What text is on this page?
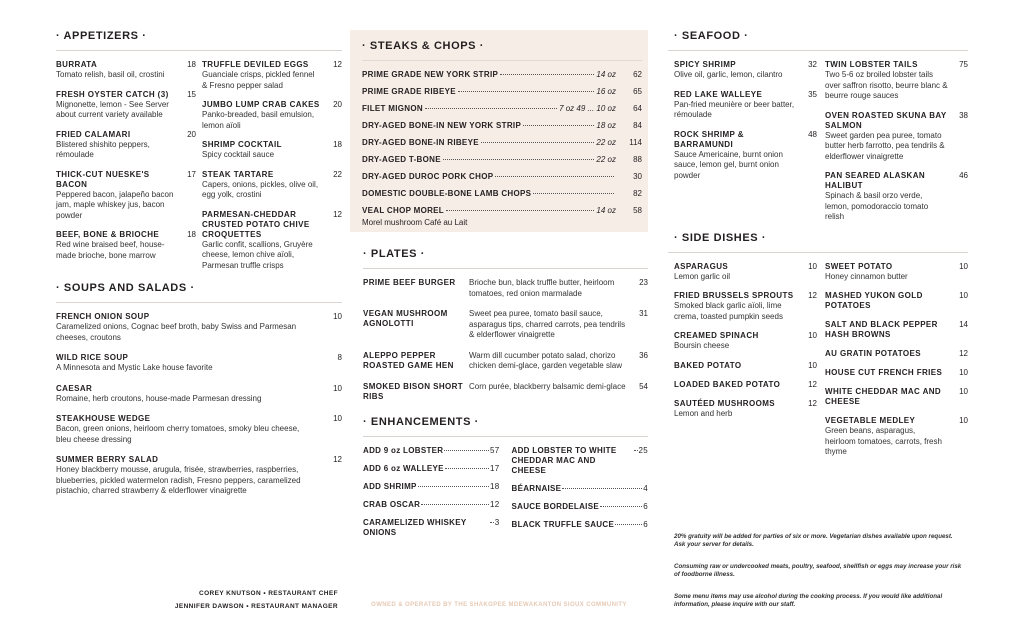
· APPETIZERS ·
BURRATA
Tomato relish, basil oil, crostini
18
FRESH OYSTER CATCH (3)
Mignonette, lemon - See Server about current variety available
15
FRIED CALAMARI
Blistered shishito peppers, rémoulade
20
THICK-CUT NUESKE'S BACON
Peppered bacon, jalapeño bacon jam, maple whiskey jus, bacon powder
17
BEEF, BONE & BRIOCHE
Red wine braised beef, house-made brioche, bone marrow
18
TRUFFLE DEVILED EGGS
Guanciale crisps, pickled fennel & Fresno pepper salad
12
JUMBO LUMP CRAB CAKES
Panko-breaded, basil emulsion, lemon aïoli
20
SHRIMP COCKTAIL
Spicy cocktail sauce
18
STEAK TARTARE
Capers, onions, pickles, olive oil, egg yolk, crostini
22
PARMESAN-CHEDDAR CRUSTED POTATO CHIVE CROQUETTES
Garlic confit, scallions, Gruyère cheese, lemon chive aïoli, Parmesan truffle crisps
12
· SOUPS AND SALADS ·
FRENCH ONION SOUP
Caramelized onions, Cognac beef broth, baby Swiss and Parmesan cheeses, croutons
10
WILD RICE SOUP
A Minnesota and Mystic Lake house favorite
8
CAESAR
Romaine, herb croutons, house-made Parmesan dressing
10
STEAKHOUSE WEDGE
Bacon, green onions, heirloom cherry tomatoes, smoky bleu cheese, bleu cheese dressing
10
SUMMER BERRY SALAD
Honey blackberry mousse, arugula, frisée, strawberries, raspberries, blueberries, pickled watermelon radish, Fresno peppers, caramelized pistachio, charred strawberry & elderflower vinaigrette
12
COREY KNUTSON • RESTAURANT CHEF
JENNIFER DAWSON • RESTAURANT MANAGER
· STEAKS & CHOPS ·
PRIME GRADE NEW YORK STRIP	14 oz	62
PRIME GRADE RIBEYE	16 oz	65
FILET MIGNON	7 oz 49 ... 10 oz	64
DRY-AGED BONE-IN NEW YORK STRIP	18 oz	84
DRY-AGED BONE-IN RIBEYE	22 oz	114
DRY-AGED T-BONE	22 oz	88
DRY-AGED DUROC PORK CHOP	30
DOMESTIC DOUBLE-BONE LAMB CHOPS	82
VEAL CHOP MOREL	14 oz	58
Morel mushroom Café au Lait
· PLATES ·
PRIME BEEF BURGER	Brioche bun, black truffle butter, heirloom tomatoes, red onion marmalade
23
VEGAN MUSHROOM AGNOLOTTI
Sweet pea puree, tomato basil sauce, asparagus tips, charred carrots, pea tendrils & elderflower vinaigrette
31
ALEPPO PEPPER ROASTED GAME HEN
Warm dill cucumber potato salad, chorizo chicken demi-glace, garden vegetable slaw
36
SMOKED BISON SHORT RIBS
Corn purée, blackberry balsamic demi-glace	54
· ENHANCEMENTS ·
ADD 9 oz LOBSTER	57
ADD 6 oz WALLEYE	17
ADD SHRIMP	18
CRAB OSCAR	12
CARAMELIZED WHISKEY ONIONS
3
ADD LOBSTER TO WHITE CHEDDAR MAC AND CHEESE
25
BÉARNAISE	4
SAUCE BORDELAISE	6
BLACK TRUFFLE SAUCE	6
OWNED & OPERATED BY THE SHAKOPEE MDEWAKANTON SIOUX COMMUNITY
· SEAFOOD ·
SPICY SHRIMP
Olive oil, garlic, lemon, cilantro
32
RED LAKE WALLEYE
Pan-fried meunière or beer batter, rémoulade
35
ROCK SHRIMP & BARRAMUNDI
Sauce Americaine, burnt onion sauce, lemon gel, burnt onion powder
48
TWIN LOBSTER TAILS
Two 5-6 oz broiled lobster tails over saffron risotto, beurre blanc & beurre rouge sauces
75
OVEN ROASTED SKUNA BAY SALMON
Sweet garden pea puree, tomato butter herb farrotto, pea tendrils & elderflower vinaigrette
38
PAN SEARED ALASKAN HALIBUT
Spinach & basil orzo verde, lemon, pomodoraccio tomato relish
46
· SIDE DISHES ·
ASPARAGUS
Lemon garlic oil
10
FRIED BRUSSELS SPROUTS
Smoked black garlic aïoli, lime crema, toasted pumpkin seeds
12
CREAMED SPINACH
Boursin cheese
10
BAKED POTATO	10
LOADED BAKED POTATO	12
SAUTÉED MUSHROOMS
Lemon and herb
12
SWEET POTATO
Honey cinnamon butter
10
MASHED YUKON GOLD POTATOES
10
SALT AND BLACK PEPPER HASH BROWNS
14
AU GRATIN POTATOES	12
HOUSE CUT FRENCH FRIES	10
WHITE CHEDDAR MAC AND CHEESE
10
VEGETABLE MEDLEY
Green beans, asparagus, heirloom tomatoes, carrots, fresh thyme
10
20% gratuity will be added for parties of six or more. Vegetarian dishes available upon request. Ask your server for details.
Consuming raw or undercooked meats, poultry, seafood, shellfish or eggs may increase your risk of foodborne illness.
Some menu items may use alcohol during the cooking process. If you would like additional information, please inquire with our staff.
